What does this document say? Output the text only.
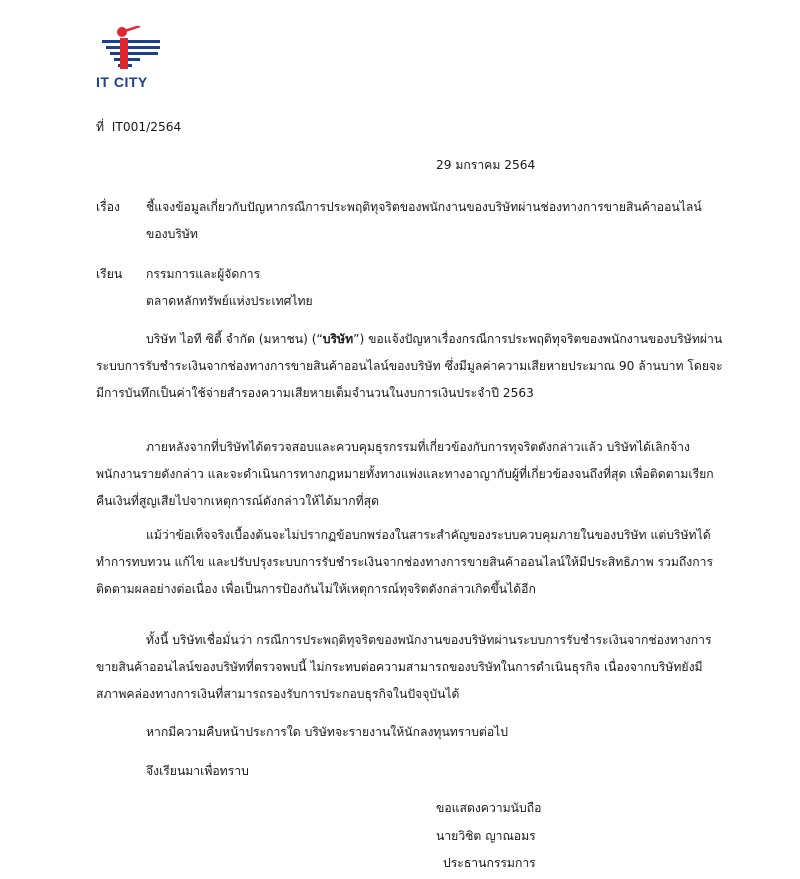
IT CITY
ที่ IT001/2564
29 มกราคม 2564
เรื่อง ชี้แจงข้อมูลเกี่ยวกับปัญหากรณีการประพฤติทุจริตของพนักงานของบริษัทผ่านช่องทางการขายสินค้าออนไลน์
ของบริษัท
เรียน กรรมการและผู้จัดการ
ตลาดหลักทรัพย์แห่งประเทศไทย
บริษัท ไอที ซิตี้ จำกัด (มหาชน) (“บริษัท”) ขอแจ้งปัญหาเรื่องกรณีการประพฤติทุจริตของพนักงานของบริษัทผ่าน
ระบบการรับชำระเงินจากช่องทางการขายสินค้าออนไลน์ของบริษัท ซึ่งมีมูลค่าความเสียหายประมาณ 90 ล้านบาท โดยจะ
มีการบันทึกเป็นค่าใช้จ่ายสำรองความเสียหายเต็มจำนวนในงบการเงินประจำปี 2563
ภายหลังจากที่บริษัทได้ตรวจสอบและควบคุมธุรกรรมที่เกี่ยวข้องกับการทุจริตดังกล่าวแล้ว บริษัทได้เลิกจ้าง
พนักงานรายดังกล่าว และจะดำเนินการทางกฎหมายทั้งทางแพ่งและทางอาญากับผู้ที่เกี่ยวข้องจนถึงที่สุด เพื่อติดตามเรียก
คืนเงินที่สูญเสียไปจากเหตุการณ์ดังกล่าวให้ได้มากที่สุด
แม้ว่าข้อเท็จจริงเบื้องต้นจะไม่ปรากฏข้อบกพร่องในสาระสำคัญของระบบควบคุมภายในของบริษัท แต่บริษัทได้
ทำการทบทวน แก้ไข และปรับปรุงระบบการรับชำระเงินจากช่องทางการขายสินค้าออนไลน์ให้มีประสิทธิภาพ รวมถึงการ
ติดตามผลอย่างต่อเนื่อง เพื่อเป็นการป้องกันไม่ให้เหตุการณ์ทุจริตดังกล่าวเกิดขึ้นได้อีก
ทั้งนี้ บริษัทเชื่อมั่นว่า กรณีการประพฤติทุจริตของพนักงานของบริษัทผ่านระบบการรับชำระเงินจากช่องทางการ
ขายสินค้าออนไลน์ของบริษัทที่ตรวจพบนี้ ไม่กระทบต่อความสามารถของบริษัทในการดำเนินธุรกิจ เนื่องจากบริษัทยังมี
สภาพคล่องทางการเงินที่สามารถรองรับการประกอบธุรกิจในปัจจุบันได้
หากมีความคืบหน้าประการใด บริษัทจะรายงานให้นักลงทุนทราบต่อไป
จึงเรียนมาเพื่อทราบ
ขอแสดงความนับถือ
นายวิชิต ญาณอมร
ประธานกรรมการ
